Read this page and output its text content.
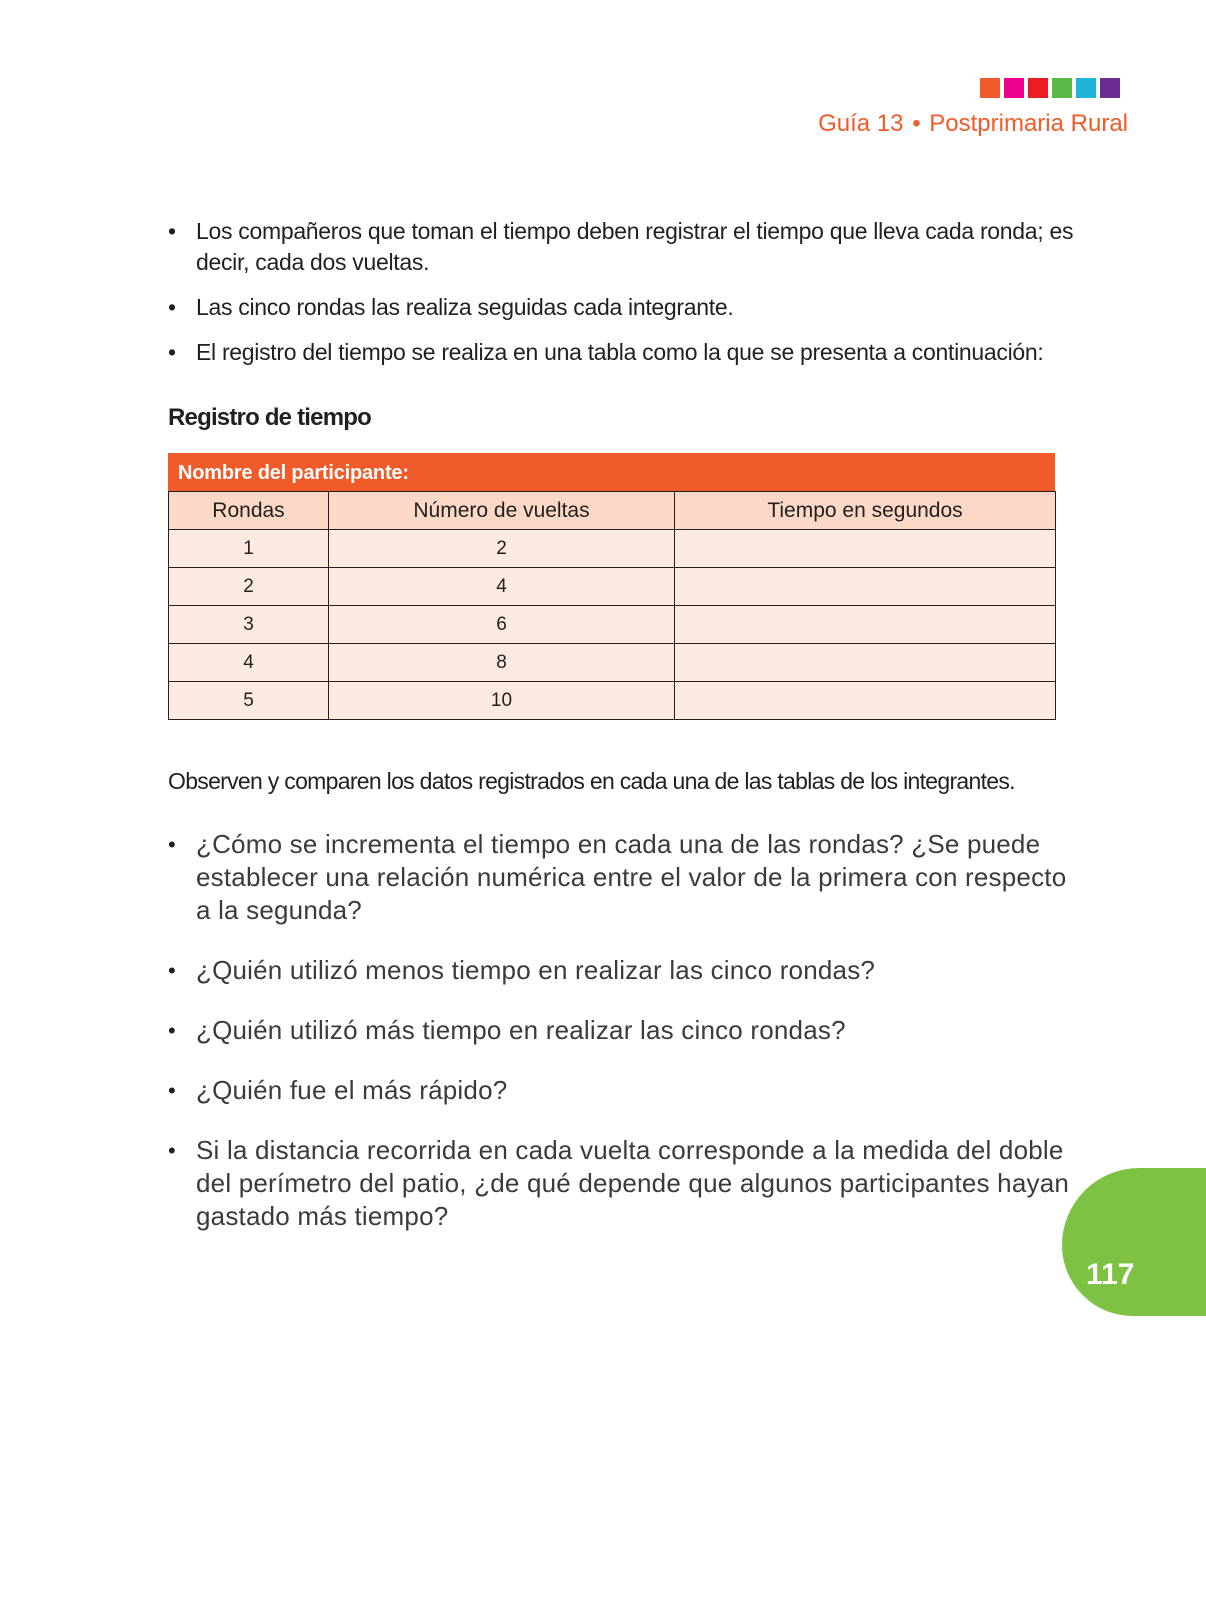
Guía 13 • Postprimaria Rural
• Los compañeros que toman el tiempo deben registrar el tiempo que lleva cada ronda; es decir, cada dos vueltas.
• Las cinco rondas las realiza seguidas cada integrante.
• El registro del tiempo se realiza en una tabla como la que se presenta a continuación:
Registro de tiempo
Nombre del participante:
Rondas	Número de vueltas	Tiempo en segundos
1	2	
2	4	
3	6	
4	8	
5	10	

Observen y comparen los datos registrados en cada una de las tablas de los integrantes.

• ¿Cómo se incrementa el tiempo en cada una de las rondas? ¿Se puede establecer una relación numérica entre el valor de la primera con respecto a la segunda?
• ¿Quién utilizó menos tiempo en realizar las cinco rondas?
• ¿Quién utilizó más tiempo en realizar las cinco rondas?
• ¿Quién fue el más rápido?
• Si la distancia recorrida en cada vuelta corresponde a la medida del doble del perímetro del patio, ¿de qué depende que algunos participantes hayan gastado más tiempo?
117
